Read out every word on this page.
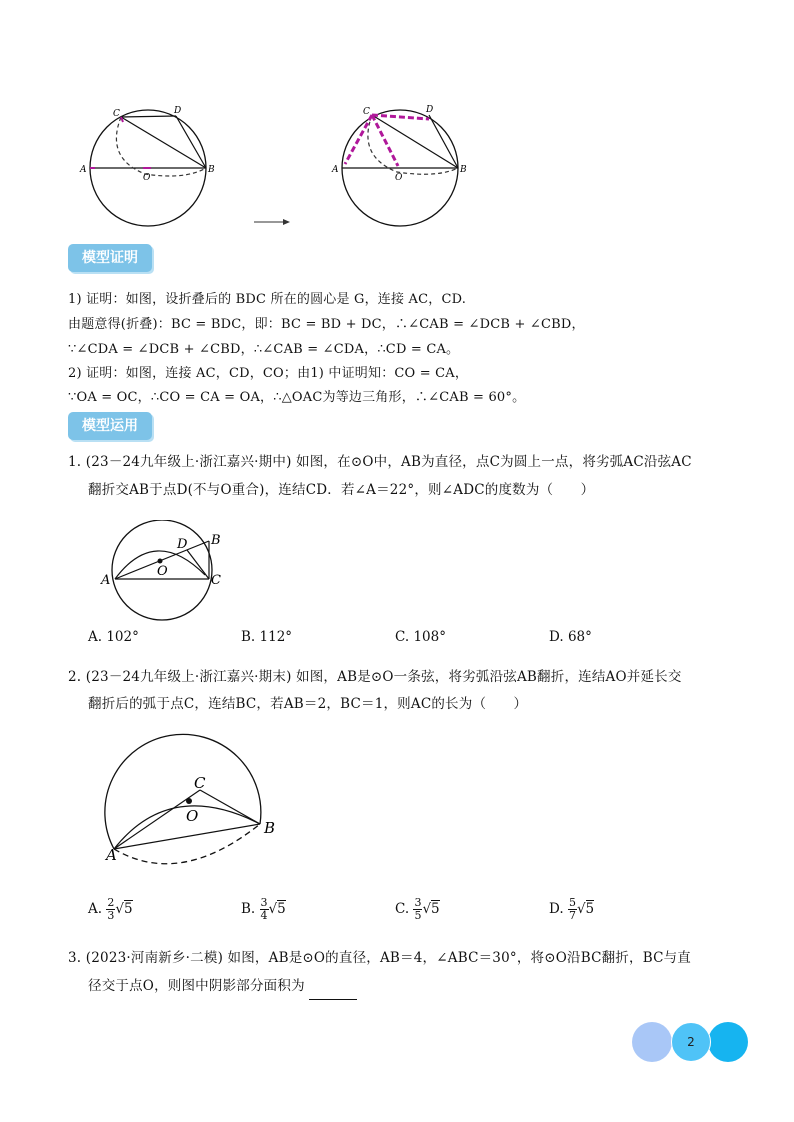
A	B
C	D
O
A	B
C	D
O
模型证明
1) 证明：如图，设折叠后的 BDC 所在的圆心是 G，连接 AC，CD.
由题意得(折叠)：BC = BDC，即：BC = BD + DC，∴∠CAB = ∠DCB + ∠CBD，
∵∠CDA = ∠DCB + ∠CBD，∴∠CAB = ∠CDA，∴CD = CA。
2) 证明：如图，连接 AC，CD，CO；由1) 中证明知：CO = CA，
∵OA = OC，∴CO = CA = OA，∴△OAC为等边三角形，∴∠CAB = 60°。
模型运用
1. (23－24九年级上·浙江嘉兴·期中) 如图，在⊙O中，AB为直径，点C为圆上一点，将劣弧AC沿弦AC
翻折交AB于点D(不与O重合)，连结CD．若∠A＝22°，则∠ADC的度数为（　　）
A
B
C
D
O
A. 102°	B. 112°	C. 108°	D. 68°
2. (23－24九年级上·浙江嘉兴·期末) 如图，AB是⊙O一条弦，将劣弧沿弦AB翻折，连结AO并延长交
翻折后的弧于点C，连结BC，若AB＝2，BC＝1，则AC的长为（　　）
A
B
C
O
A. $\frac{2}{3} √5$	B. $\frac{3}{4} √5$	C. $\frac{3}{5} √5$	D. $\frac{5}{7} √5$
3. (2023·河南新乡·二模) 如图，AB是⊙O的直径，AB＝4，∠ABC＝30°，将⊙O沿BC翻折，BC与直
径交于点O，则图中阴影部分面积为
2
